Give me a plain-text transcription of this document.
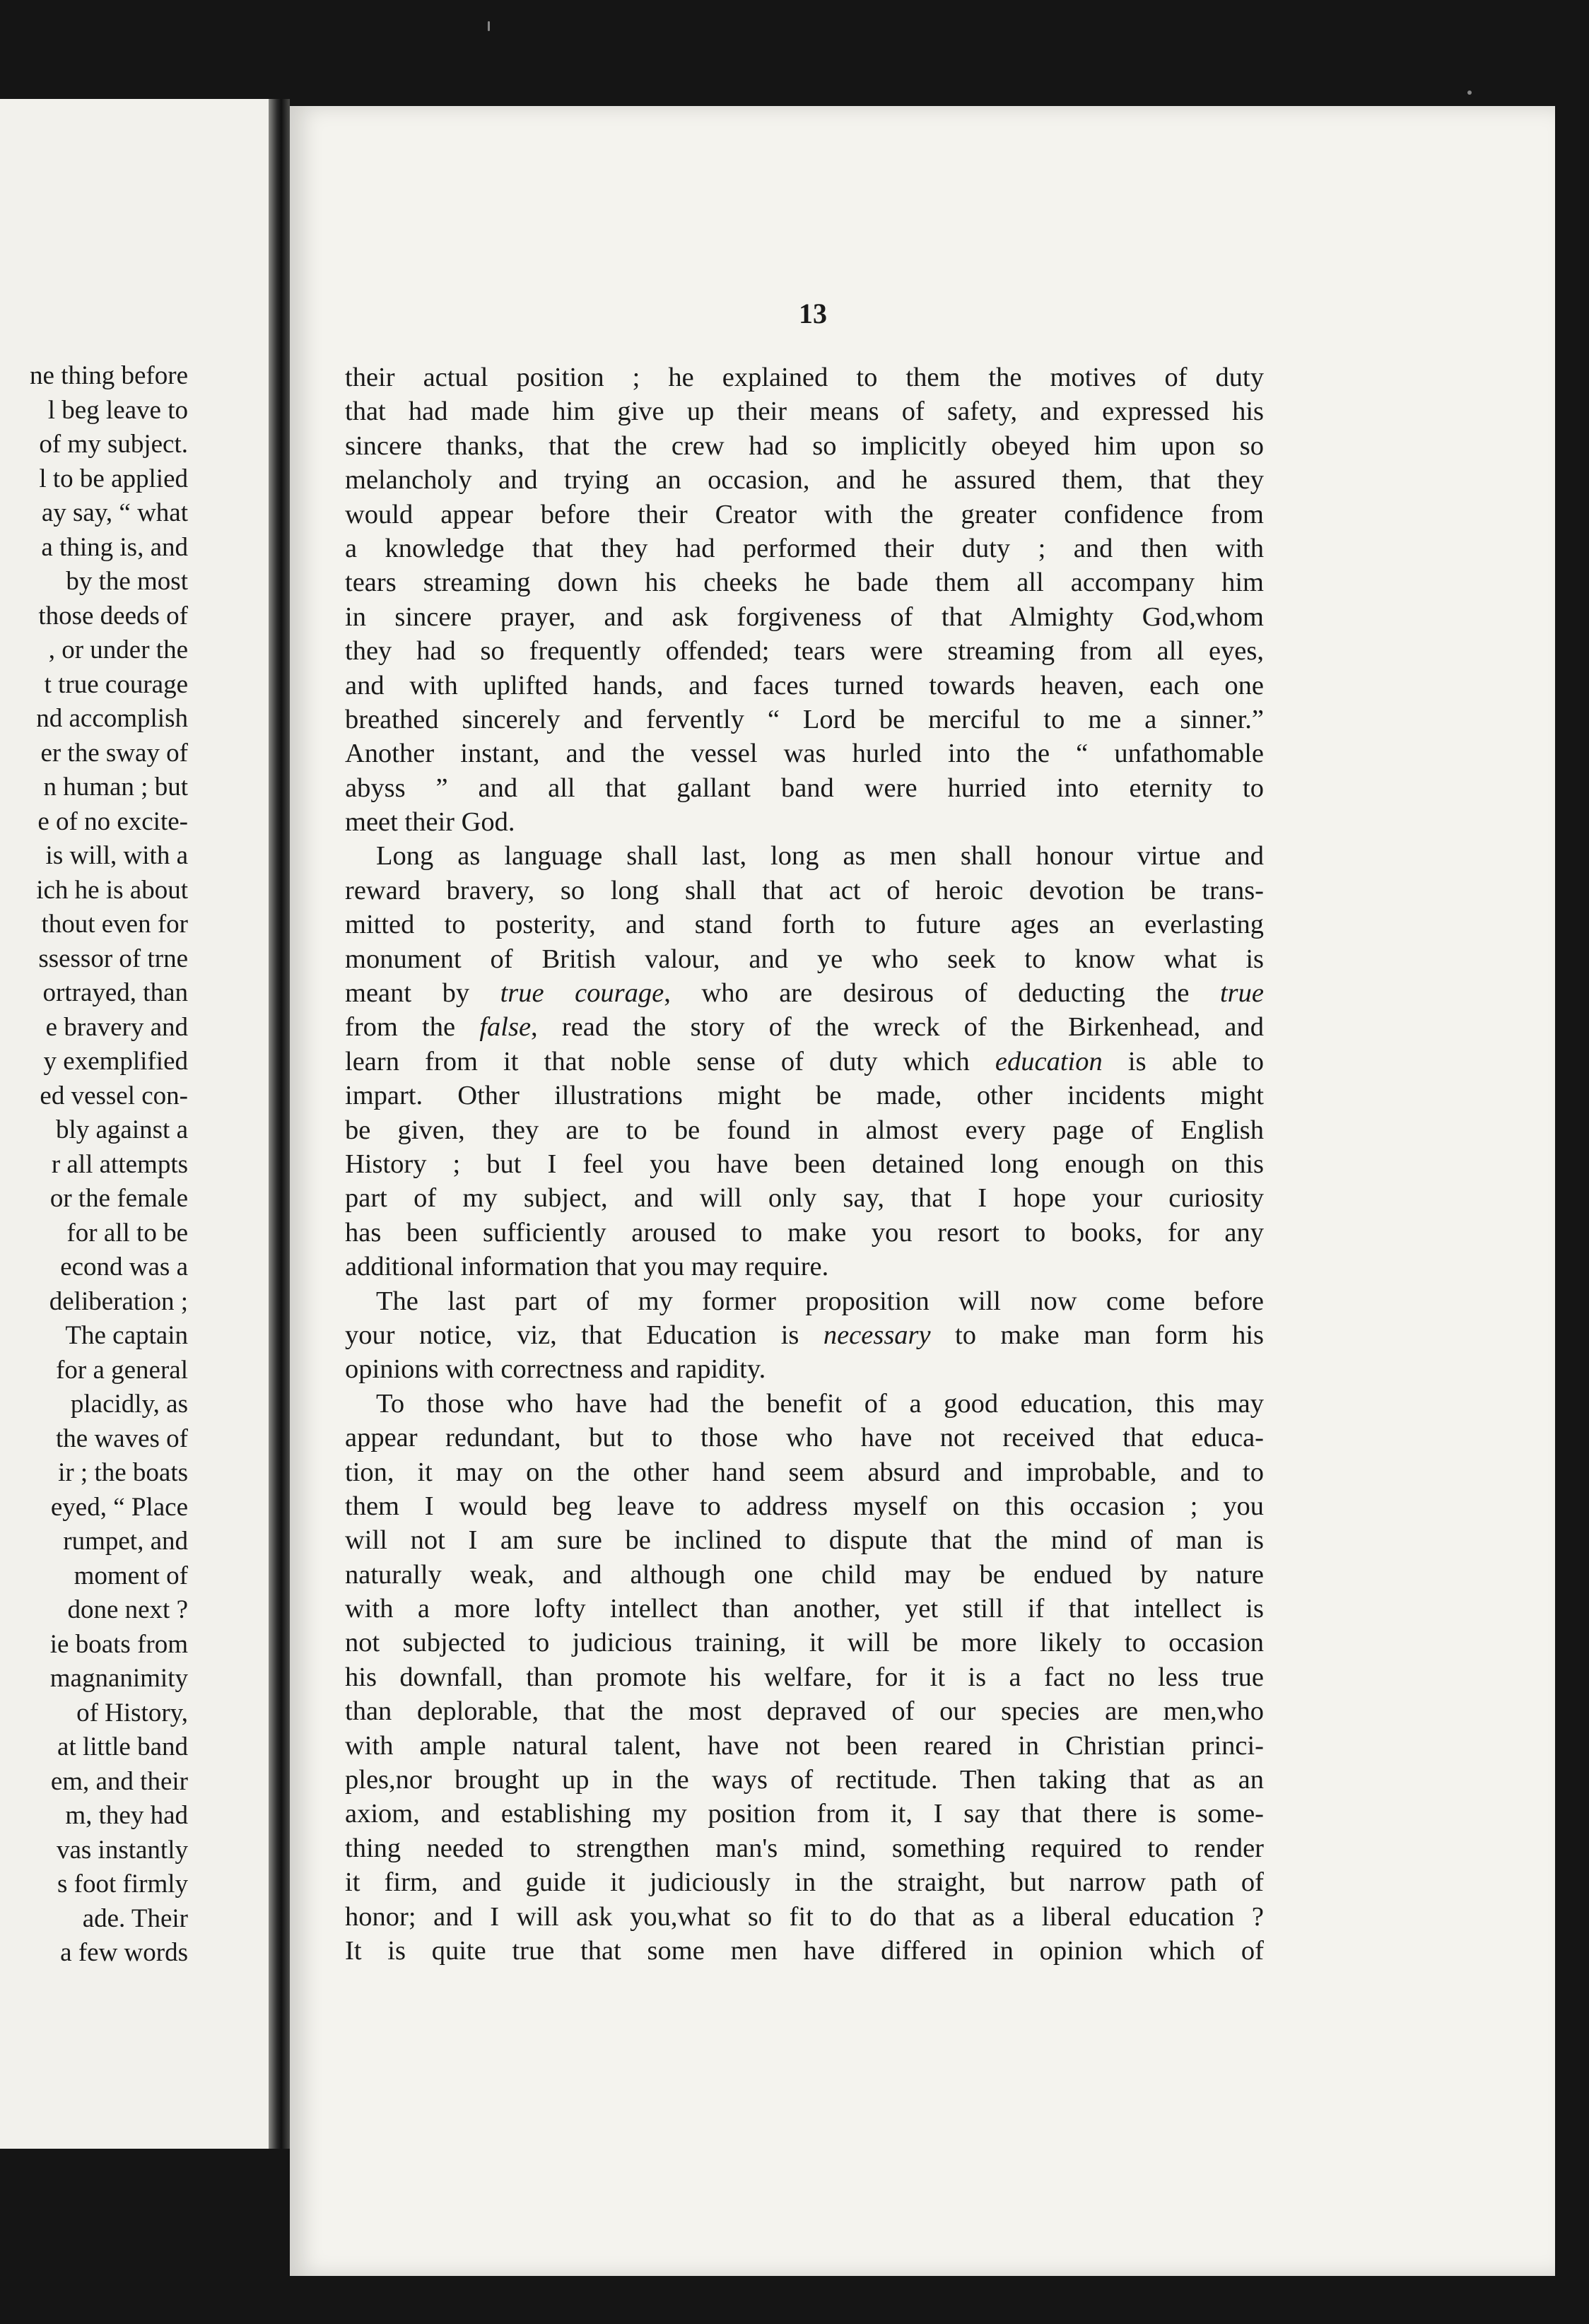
ne thing before
l beg leave to
of my subject.
l to be applied
ay say, “ what
a thing is, and
by the most
those deeds of
, or under the
t true courage
nd accomplish
er the sway of
n human ; but
e of no excite-
is will, with a
ich he is about
thout even for
ssessor of trne
ortrayed, than
e bravery and
y exemplified
ed vessel con-
bly against a
r all attempts
or the female
for all to be
econd was a
deliberation ;
The captain
for a general
placidly, as
the waves of
ir ; the boats
eyed, “ Place
rumpet, and
moment of
done next ?
ie boats from
magnanimity
of History,
at little band
em, and their
m, they had
vas instantly
s foot firmly
ade. Their
a few words
13
their actual position ; he explained to them the motives of duty
that had made him give up their means of safety, and expressed his
sincere thanks, that the crew had so implicitly obeyed him upon so
melancholy and trying an occasion, and he assured them, that they
would appear before their Creator with the greater confidence from
a knowledge that they had performed their duty ; and then with
tears streaming down his cheeks he bade them all accompany him
in sincere prayer, and ask forgiveness of that Almighty God,whom
they had so frequently offended; tears were streaming from all eyes,
and with uplifted hands, and faces turned towards heaven, each one
breathed sincerely and fervently “ Lord be merciful to me a sinner.”
Another instant, and the vessel was hurled into the “ unfathomable
abyss ” and all that gallant band were hurried into eternity to
meet their God.
Long as language shall last, long as men shall honour virtue and
reward bravery, so long shall that act of heroic devotion be trans-
mitted to posterity, and stand forth to future ages an everlasting
monument of British valour, and ye who seek to know what is
meant by true courage, who are desirous of deducting the true
from the false, read the story of the wreck of the Birkenhead, and
learn from it that noble sense of duty which education is able to
impart. Other illustrations might be made, other incidents might
be given, they are to be found in almost every page of English
History ; but I feel you have been detained long enough on this
part of my subject, and will only say, that I hope your curiosity
has been sufficiently aroused to make you resort to books, for any
additional information that you may require.
The last part of my former proposition will now come before
your notice, viz, that Education is necessary to make man form his
opinions with correctness and rapidity.
To those who have had the benefit of a good education, this may
appear redundant, but to those who have not received that educa-
tion, it may on the other hand seem absurd and improbable, and to
them I would beg leave to address myself on this occasion ; you
will not I am sure be inclined to dispute that the mind of man is
naturally weak, and although one child may be endued by nature
with a more lofty intellect than another, yet still if that intellect is
not subjected to judicious training, it will be more likely to occasion
his downfall, than promote his welfare, for it is a fact no less true
than deplorable, that the most depraved of our species are men,who
with ample natural talent, have not been reared in Christian princi-
ples,nor brought up in the ways of rectitude. Then taking that as an
axiom, and establishing my position from it, I say that there is some-
thing needed to strengthen man's mind, something required to render
it firm, and guide it judiciously in the straight, but narrow path of
honor; and I will ask you,what so fit to do that as a liberal education ?
It is quite true that some men have differed in opinion which of
